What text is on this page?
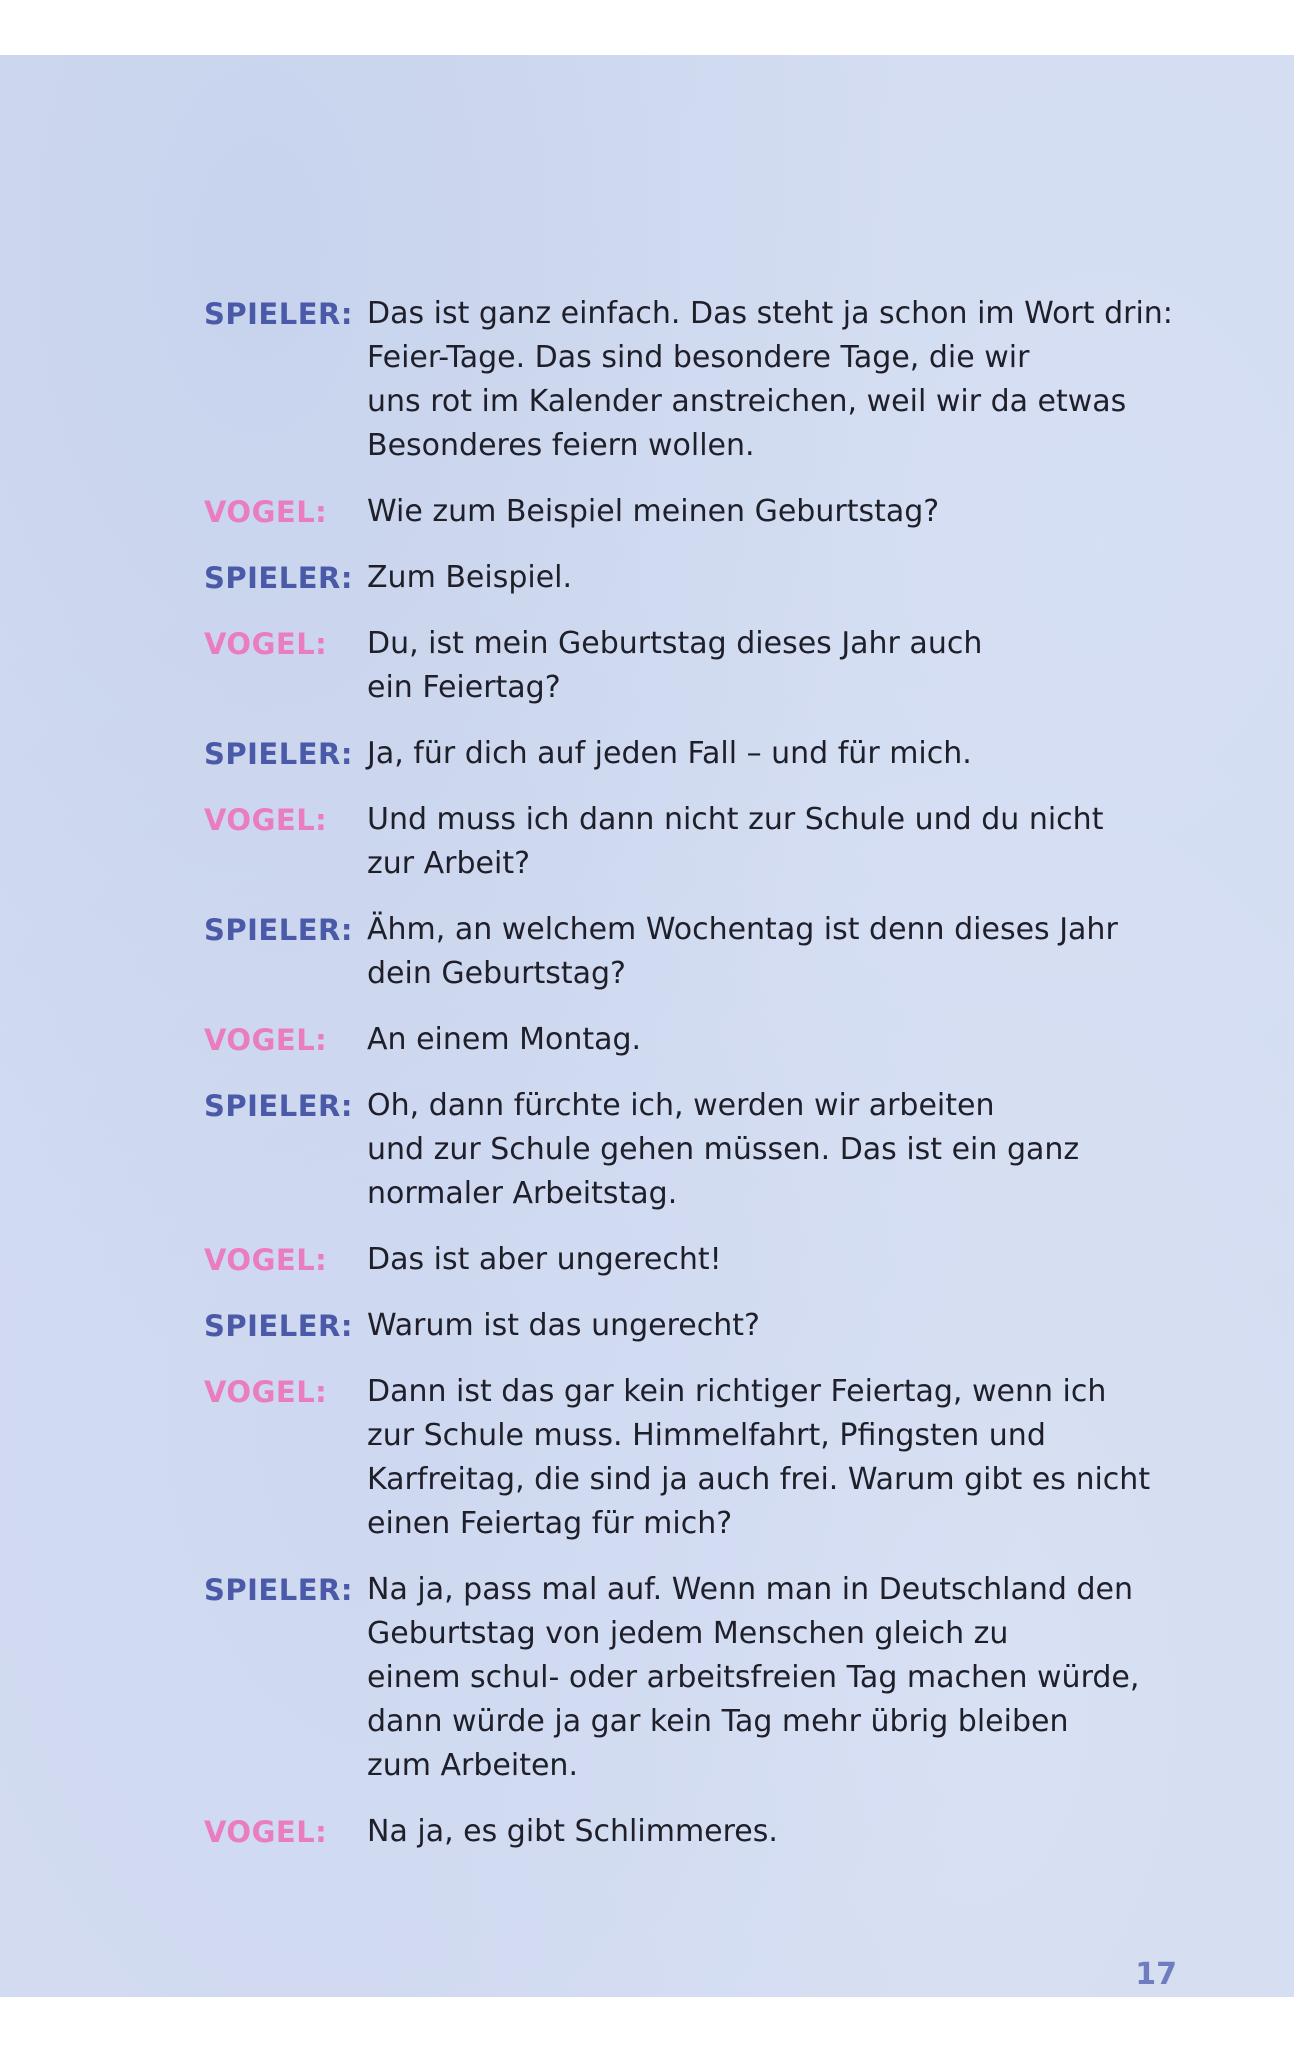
SPIELER: Das ist ganz einfach. Das steht ja schon im Wort drin:
Feier-Tage. Das sind besondere Tage, die wir
uns rot im Kalender anstreichen, weil wir da etwas
Besonderes feiern wollen.
VOGEL:	Wie zum Beispiel meinen Geburtstag?
SPIELER: Zum Beispiel.
VOGEL:	Du, ist mein Geburtstag dieses Jahr auch
ein Feiertag?
SPIELER: Ja, für dich auf jeden Fall – und für mich.
VOGEL:	Und muss ich dann nicht zur Schule und du nicht
zur Arbeit?
SPIELER: Ähm, an welchem Wochentag ist denn dieses Jahr
dein Geburtstag?
VOGEL:	An einem Montag.
SPIELER: Oh, dann fürchte ich, werden wir arbeiten
und zur Schule gehen müssen. Das ist ein ganz
normaler Arbeitstag.
VOGEL:	Das ist aber ungerecht!
SPIELER: Warum ist das ungerecht?
VOGEL:	Dann ist das gar kein richtiger Feiertag, wenn ich
zur Schule muss. Himmelfahrt, Pfingsten und
Karfreitag, die sind ja auch frei. Warum gibt es nicht
einen Feiertag für mich?
SPIELER: Na ja, pass mal auf. Wenn man in Deutschland den
Geburtstag von jedem Menschen gleich zu
einem schul- oder arbeitsfreien Tag machen würde,
dann würde ja gar kein Tag mehr übrig bleiben
zum Arbeiten.
VOGEL:	Na ja, es gibt Schlimmeres.
17
